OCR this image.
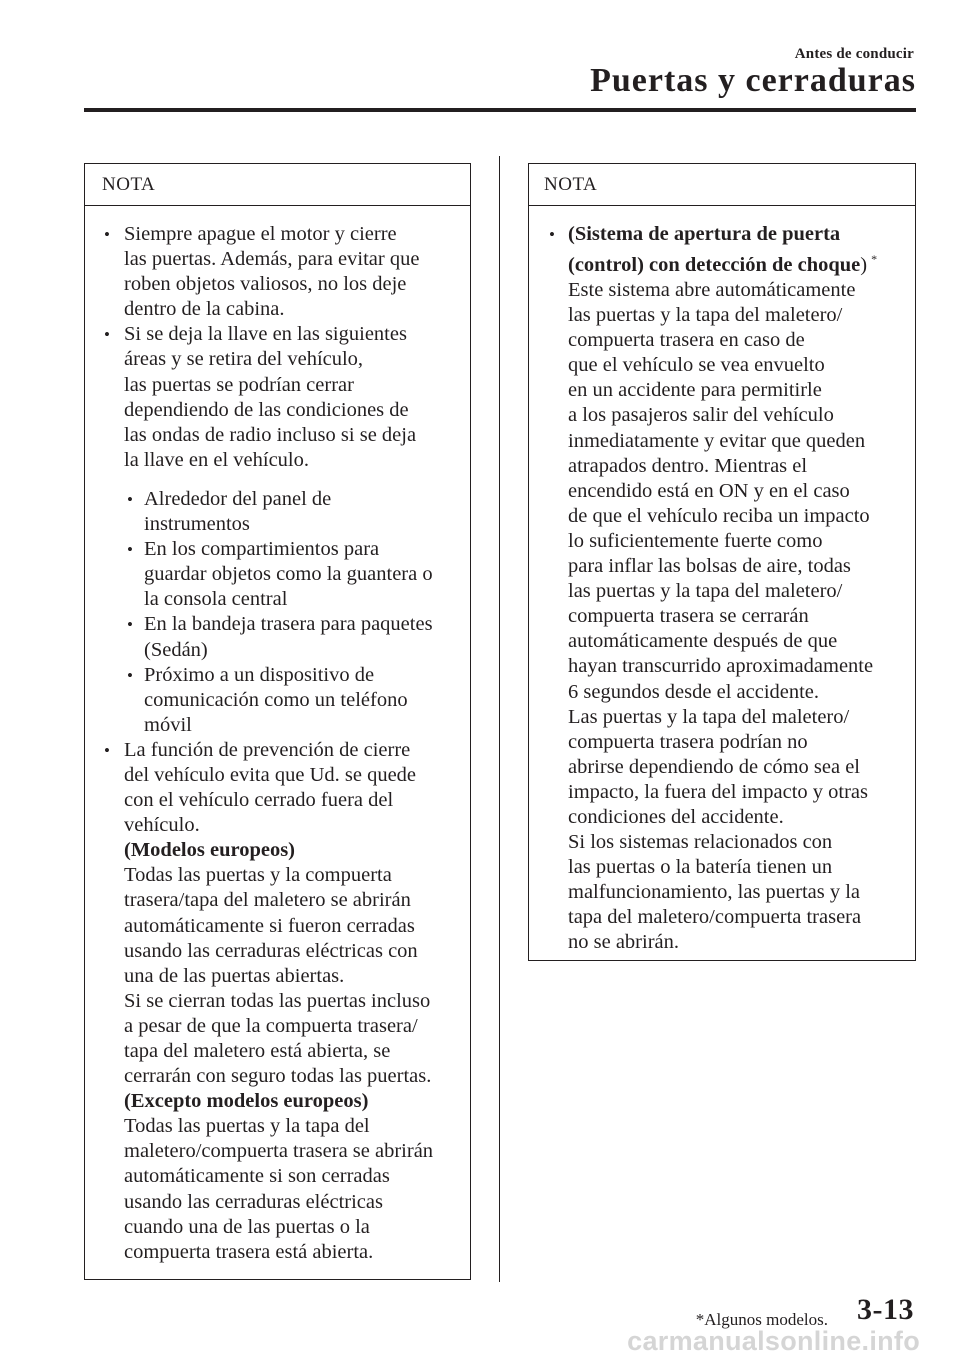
Antes de conducir
Puertas y cerraduras
NOTA
• Siempre apague el motor y cierre
las puertas. Además, para evitar que
roben objetos valiosos, no los deje
dentro de la cabina.
• Si se deja la llave en las siguientes
áreas y se retira del vehículo,
las puertas se podrían cerrar
dependiendo de las condiciones de
las ondas de radio incluso si se deja
la llave en el vehículo.
• Alrededor del panel de
instrumentos
• En los compartimientos para
guardar objetos como la guantera o
la consola central
• En la bandeja trasera para paquetes
(Sedán)
• Próximo a un dispositivo de
comunicación como un teléfono
móvil
• La función de prevención de cierre
del vehículo evita que Ud. se quede
con el vehículo cerrado fuera del
vehículo.
(Modelos europeos)
Todas las puertas y la compuerta
trasera/tapa del maletero se abrirán
automáticamente si fueron cerradas
usando las cerraduras eléctricas con
una de las puertas abiertas.
Si se cierran todas las puertas incluso
a pesar de que la compuerta trasera/
tapa del maletero está abierta, se
cerrarán con seguro todas las puertas.
(Excepto modelos europeos)
Todas las puertas y la tapa del
maletero/compuerta trasera se abrirán
automáticamente si son cerradas
usando las cerraduras eléctricas
cuando una de las puertas o la
compuerta trasera está abierta.
NOTA
• (Sistema de apertura de puerta
(control) con detección de choque) *
Este sistema abre automáticamente
las puertas y la tapa del maletero/
compuerta trasera en caso de
que el vehículo se vea envuelto
en un accidente para permitirle
a los pasajeros salir del vehículo
inmediatamente y evitar que queden
atrapados dentro. Mientras el
encendido está en ON y en el caso
de que el vehículo reciba un impacto
lo suficientemente fuerte como
para inflar las bolsas de aire, todas
las puertas y la tapa del maletero/
compuerta trasera se cerrarán
automáticamente después de que
hayan transcurrido aproximadamente
6 segundos desde el accidente.
Las puertas y la tapa del maletero/
compuerta trasera podrían no
abrirse dependiendo de cómo sea el
impacto, la fuera del impacto y otras
condiciones del accidente.
Si los sistemas relacionados con
las puertas o la batería tienen un
malfuncionamiento, las puertas y la
tapa del maletero/compuerta trasera
no se abrirán.
*Algunos modelos. 3-13
carmanualsonline.info
